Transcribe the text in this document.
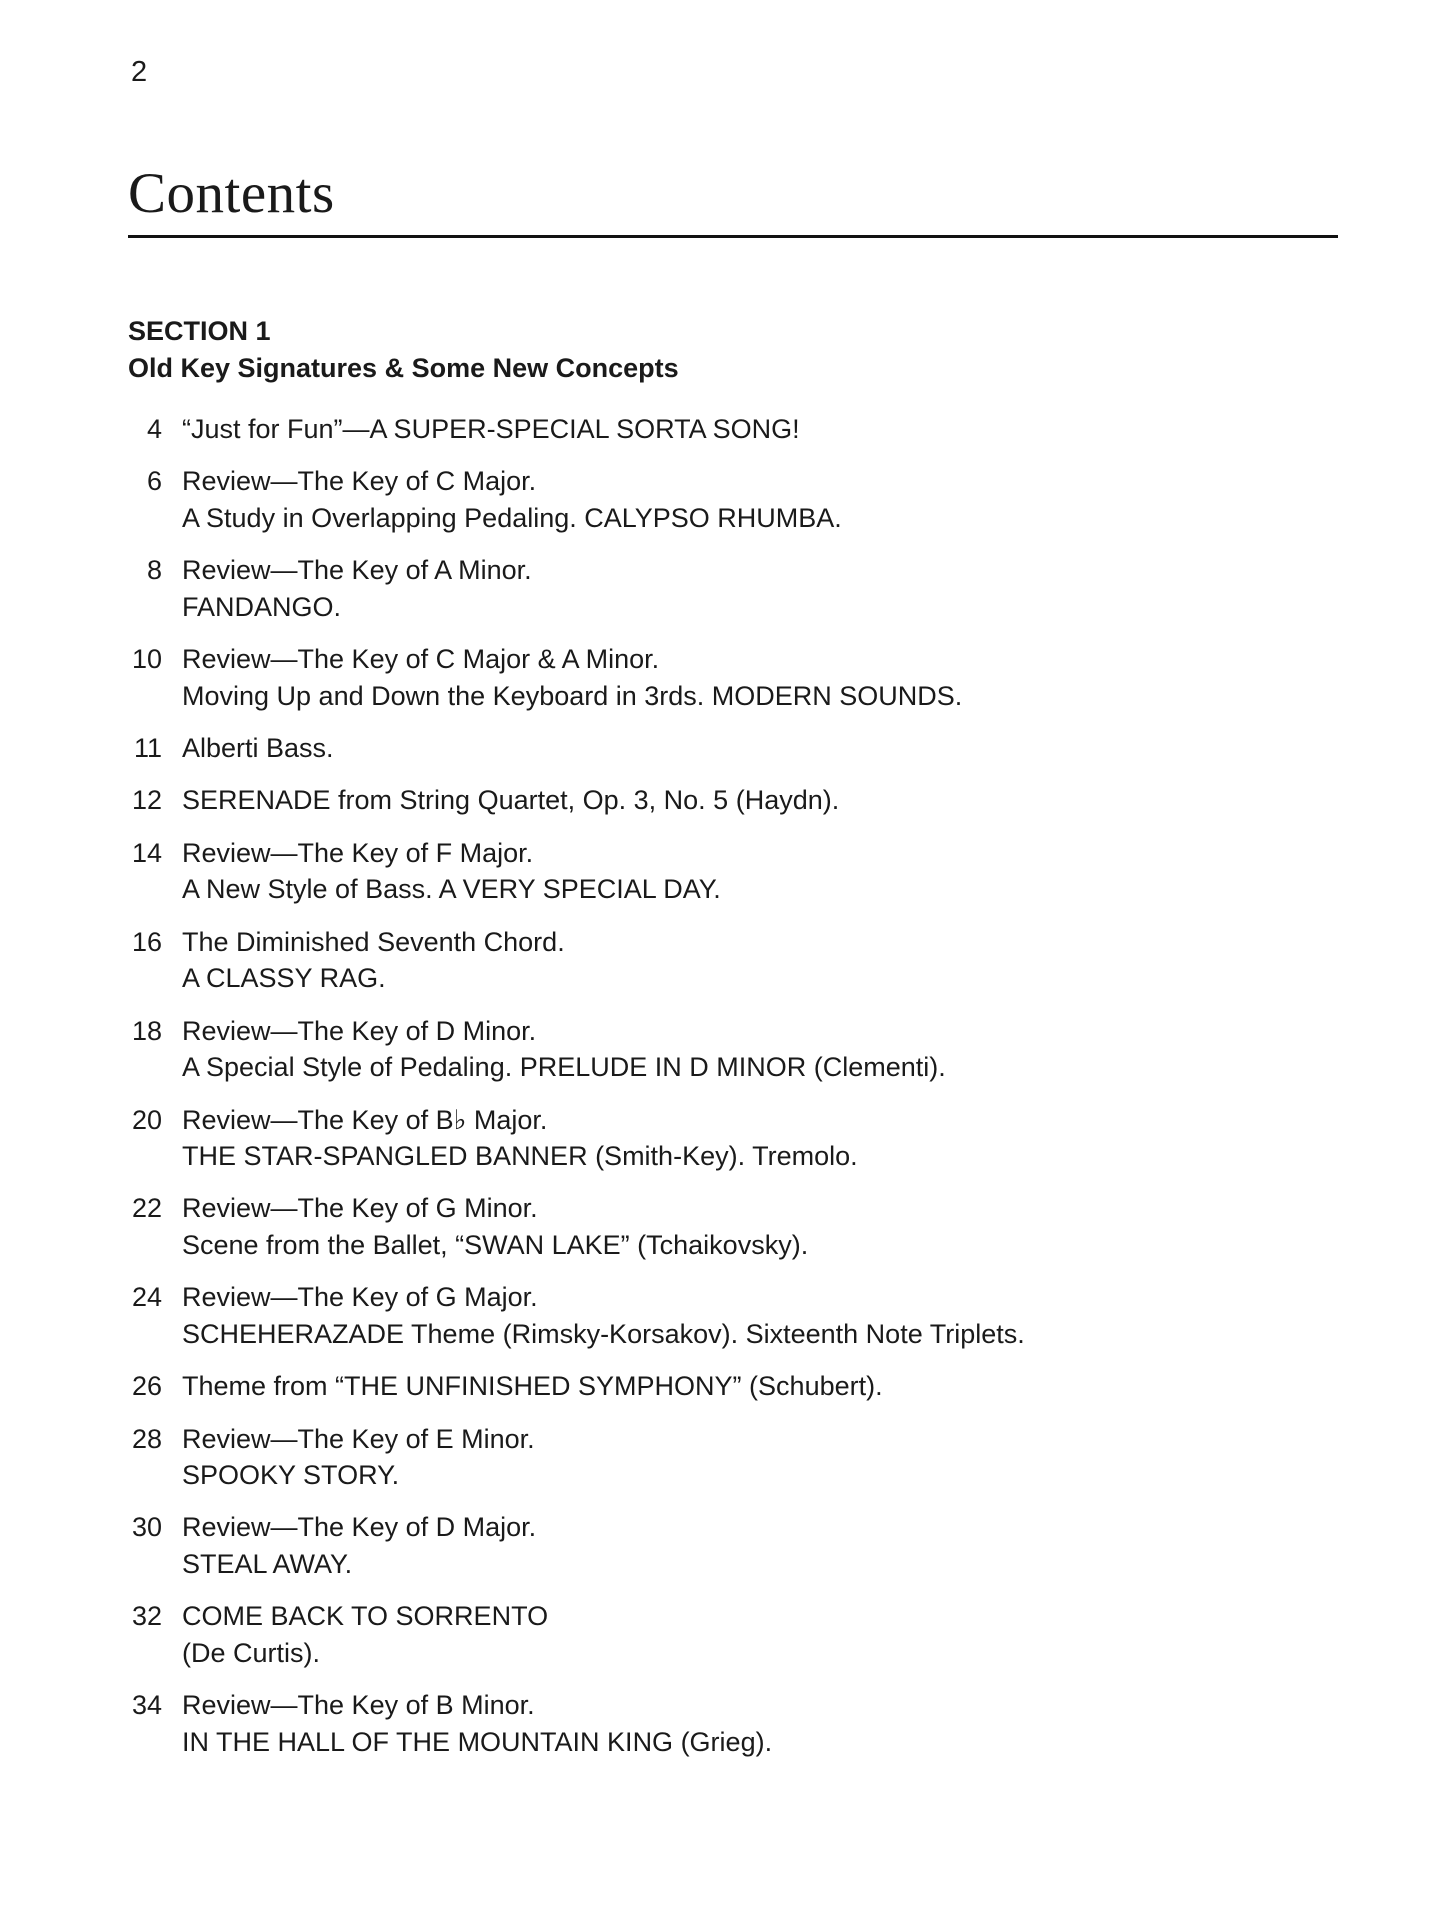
2
Contents
SECTION 1
Old Key Signatures & Some New Concepts
4 “Just for Fun”—A SUPER-SPECIAL SORTA SONG!
6 Review—The Key of C Major.
A Study in Overlapping Pedaling. CALYPSO RHUMBA.
8 Review—The Key of A Minor.
FANDANGO.
10 Review—The Key of C Major & A Minor.
Moving Up and Down the Keyboard in 3rds. MODERN SOUNDS.
11 Alberti Bass.
12 SERENADE from String Quartet, Op. 3, No. 5 (Haydn).
14 Review—The Key of F Major.
A New Style of Bass. A VERY SPECIAL DAY.
16 The Diminished Seventh Chord.
A CLASSY RAG.
18 Review—The Key of D Minor.
A Special Style of Pedaling. PRELUDE IN D MINOR (Clementi).
20 Review—The Key of B♭ Major.
THE STAR-SPANGLED BANNER (Smith-Key). Tremolo.
22 Review—The Key of G Minor.
Scene from the Ballet, “SWAN LAKE” (Tchaikovsky).
24 Review—The Key of G Major.
SCHEHERAZADE Theme (Rimsky-Korsakov). Sixteenth Note Triplets.
26 Theme from “THE UNFINISHED SYMPHONY” (Schubert).
28 Review—The Key of E Minor.
SPOOKY STORY.
30 Review—The Key of D Major.
STEAL AWAY.
32 COME BACK TO SORRENTO
(De Curtis).
34 Review—The Key of B Minor.
IN THE HALL OF THE MOUNTAIN KING (Grieg).
